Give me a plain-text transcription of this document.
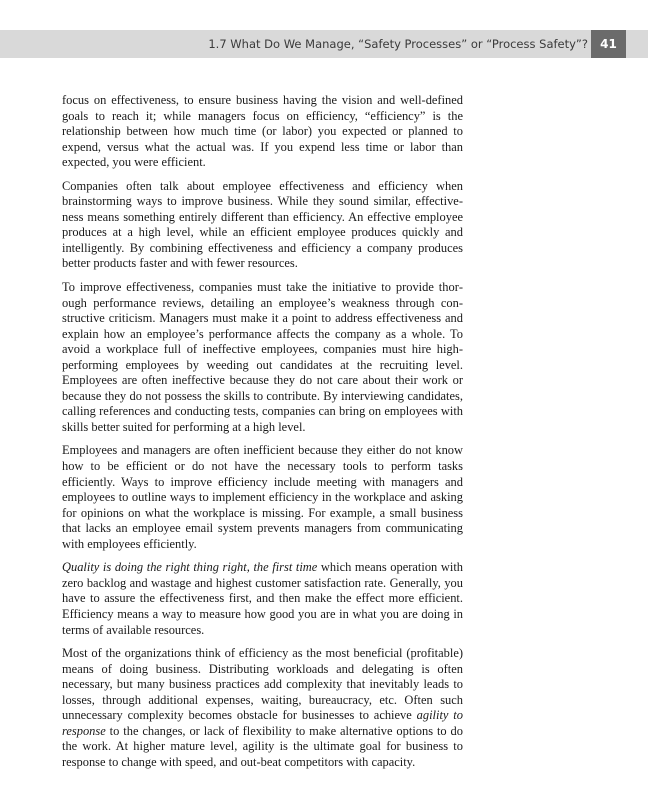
1.7 What Do We Manage, “Safety Processes” or “Process Safety”?	41

focus on effectiveness, to ensure business having the vision and well-defined goals to reach it; while managers focus on efficiency, “efficiency” is the relationship between how much time (or labor) you expected or planned to expend, versus what the actual was. If you expend less time or labor than expected, you were efficient.

Companies often talk about employee effectiveness and efficiency when brainstorming ways to improve business. While they sound similar, effectiveness means something entirely different than efficiency. An effective employee produces at a high level, while an efficient employee produces quickly and intelligently. By combining effectiveness and efficiency a company produces better products faster and with fewer resources.

To improve effectiveness, companies must take the initiative to provide thorough performance reviews, detailing an employee’s weakness through constructive criticism. Managers must make it a point to address effectiveness and explain how an employee’s performance affects the company as a whole. To avoid a workplace full of ineffective employees, companies must hire high-performing employees by weeding out candidates at the recruiting level. Employees are often ineffective because they do not care about their work or because they do not possess the skills to contribute. By interviewing candidates, calling references and conducting tests, companies can bring on employees with skills better suited for performing at a high level.

Employees and managers are often inefficient because they either do not know how to be efficient or do not have the necessary tools to perform tasks efficiently. Ways to improve efficiency include meeting with managers and employees to outline ways to implement efficiency in the workplace and asking for opinions on what the workplace is missing. For example, a small business that lacks an employee email system prevents managers from communicating with employees efficiently.

Quality is doing the right thing right, the first time which means operation with zero backlog and wastage and highest customer satisfaction rate. Generally, you have to assure the effectiveness first, and then make the effect more efficient. Efficiency means a way to measure how good you are in what you are doing in terms of available resources.

Most of the organizations think of efficiency as the most beneficial (profitable) means of doing business. Distributing workloads and delegating is often necessary, but many business practices add complexity that inevitably leads to losses, through additional expenses, waiting, bureaucracy, etc. Often such unnecessary complexity becomes obstacle for businesses to achieve agility to response to the changes, or lack of flexibility to make alternative options to do the work. At higher mature level, agility is the ultimate goal for business to response to change with speed, and out-beat competitors with capacity.
